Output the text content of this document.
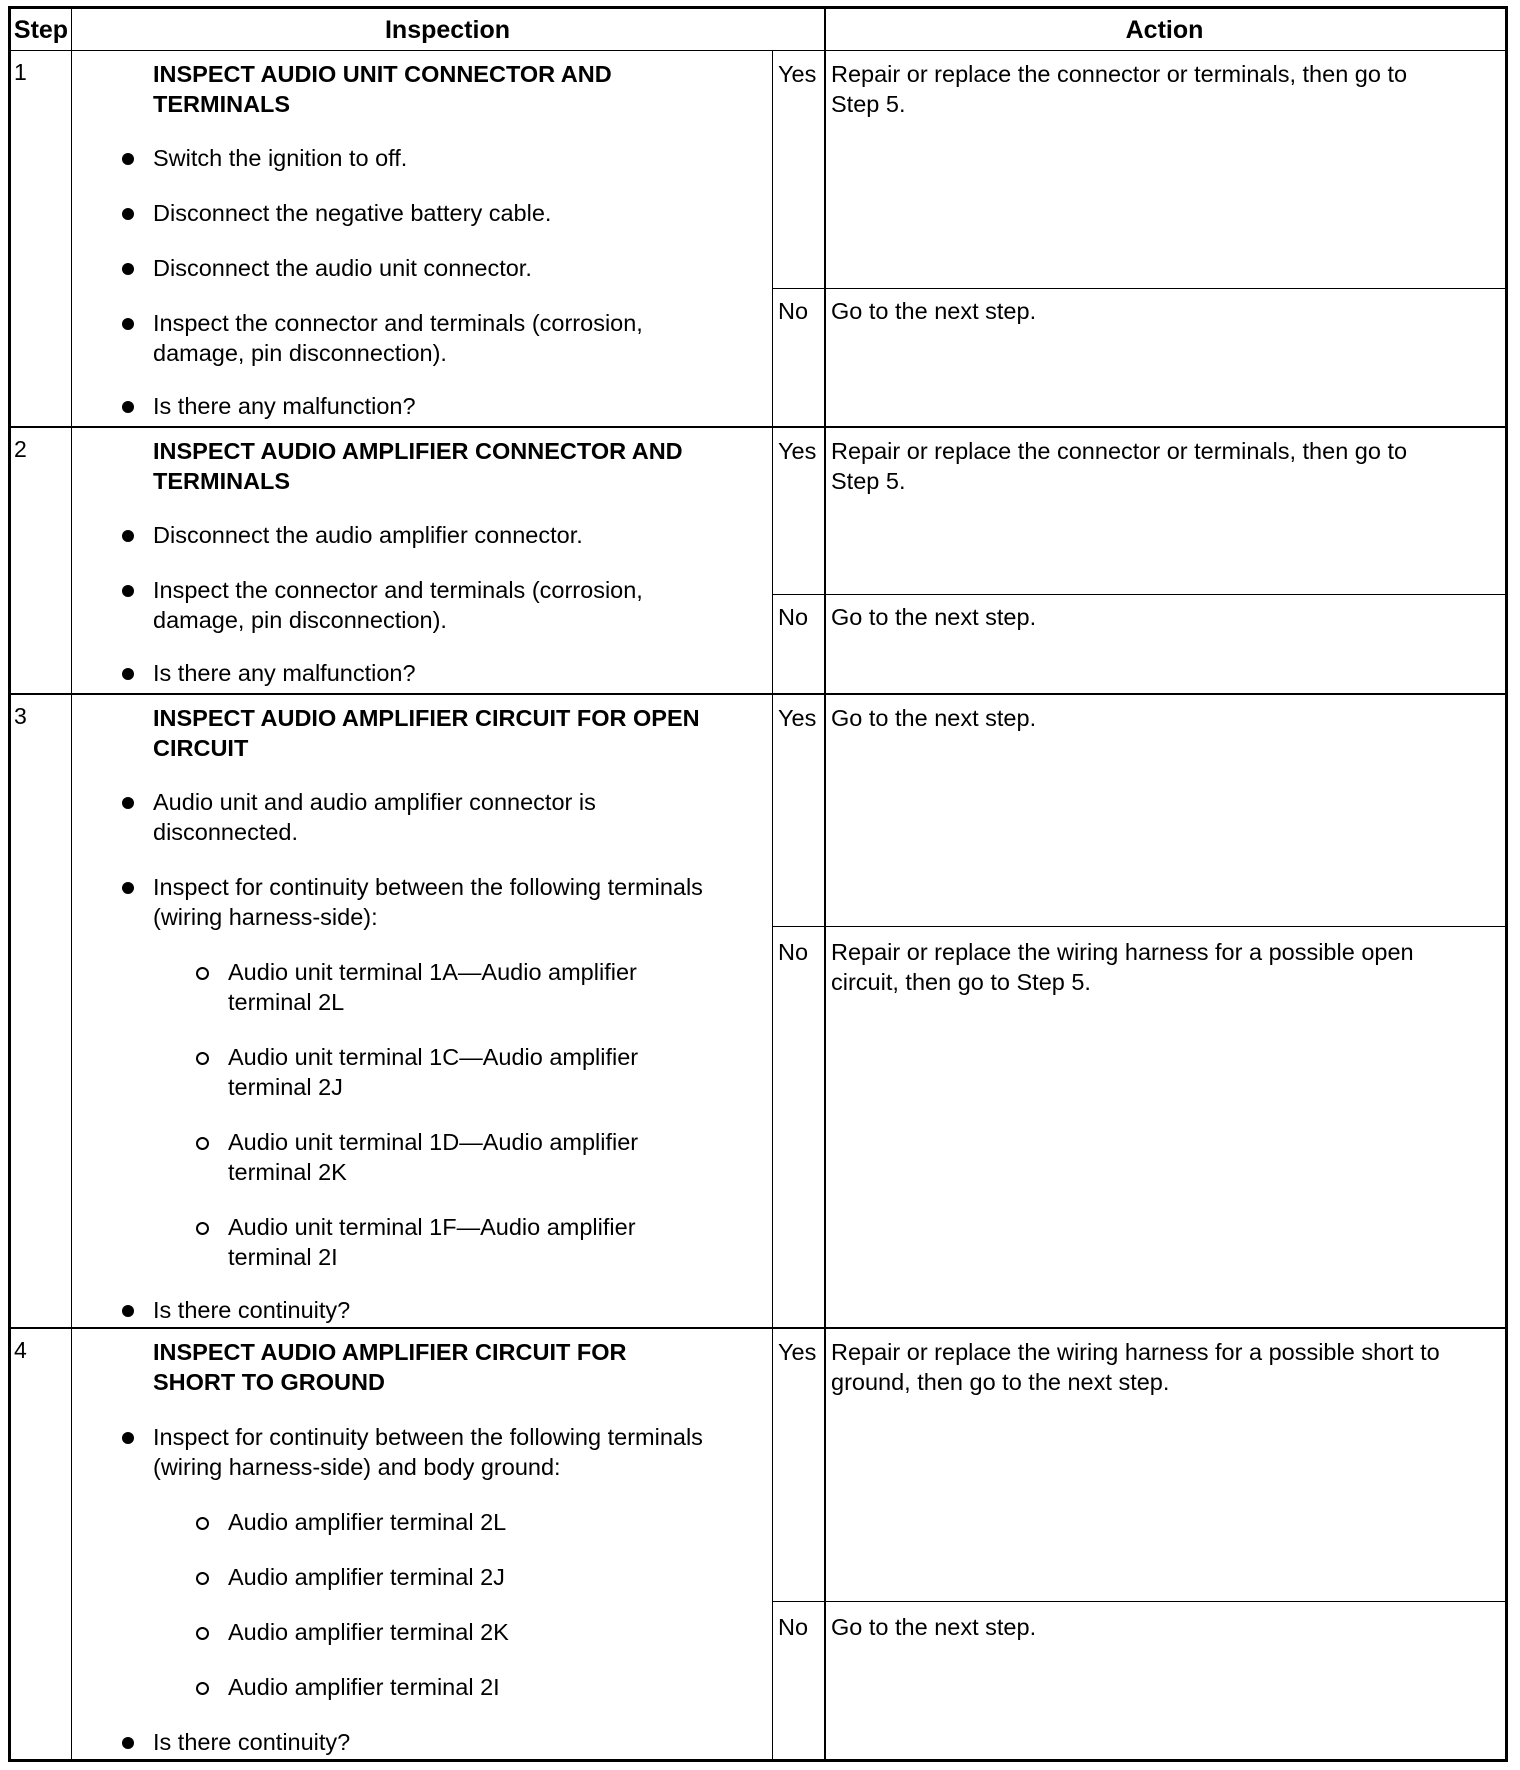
Step	Inspection	Action
1	INSPECT AUDIO UNIT CONNECTOR AND TERMINALS
Switch the ignition to off.
Disconnect the negative battery cable.
Disconnect the audio unit connector.
Inspect the connector and terminals (corrosion, damage, pin disconnection).
Is there any malfunction?
Yes Repair or replace the connector or terminals, then go to Step 5.
No Go to the next step.
2	INSPECT AUDIO AMPLIFIER CONNECTOR AND TERMINALS
Disconnect the audio amplifier connector.
Inspect the connector and terminals (corrosion, damage, pin disconnection).
Is there any malfunction?
Yes Repair or replace the connector or terminals, then go to Step 5.
No Go to the next step.
3	INSPECT AUDIO AMPLIFIER CIRCUIT FOR OPEN CIRCUIT
Audio unit and audio amplifier connector is disconnected.
Inspect for continuity between the following terminals (wiring harness-side):
Audio unit terminal 1A—Audio amplifier terminal 2L
Audio unit terminal 1C—Audio amplifier terminal 2J
Audio unit terminal 1D—Audio amplifier terminal 2K
Audio unit terminal 1F—Audio amplifier terminal 2I
Is there continuity?
Yes Go to the next step.
No Repair or replace the wiring harness for a possible open circuit, then go to Step 5.
4	INSPECT AUDIO AMPLIFIER CIRCUIT FOR SHORT TO GROUND
Inspect for continuity between the following terminals (wiring harness-side) and body ground:
Audio amplifier terminal 2L
Audio amplifier terminal 2J
Audio amplifier terminal 2K
Audio amplifier terminal 2I
Is there continuity?
Yes Repair or replace the wiring harness for a possible short to ground, then go to the next step.
No Go to the next step.
